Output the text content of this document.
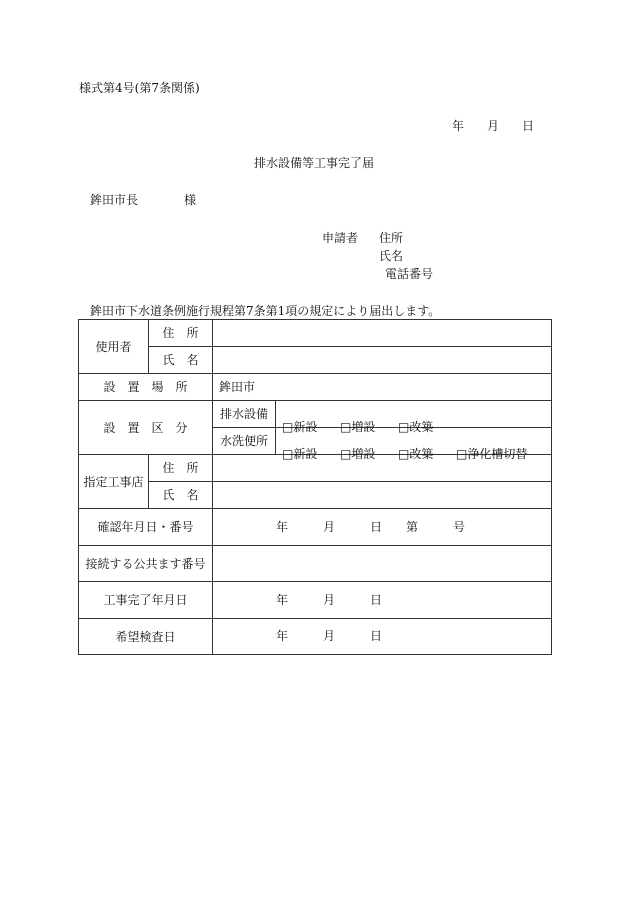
様式第4号(第7条関係)
年 月 日
排水設備等工事完了届
鉾田市長	様
申請者 住所
氏名
電話番号
鉾田市下水道条例施行規程第7条第1項の規定により届出します。
使用者	住　所		
	氏　名		
設　置　場　所		鉾田市	
設　置　区　分		排水設備	□新設 □増設 □改築

		水洗便所	□新設 □増設 □改築 □浄化槽切替

指定工事店	住　所		
	氏　名		
確認年月日・番号		年 月 日 第 号	

接続する公共ます番号			
工事完了年月日		年 月 日	

希望検査日		年 月 日	
